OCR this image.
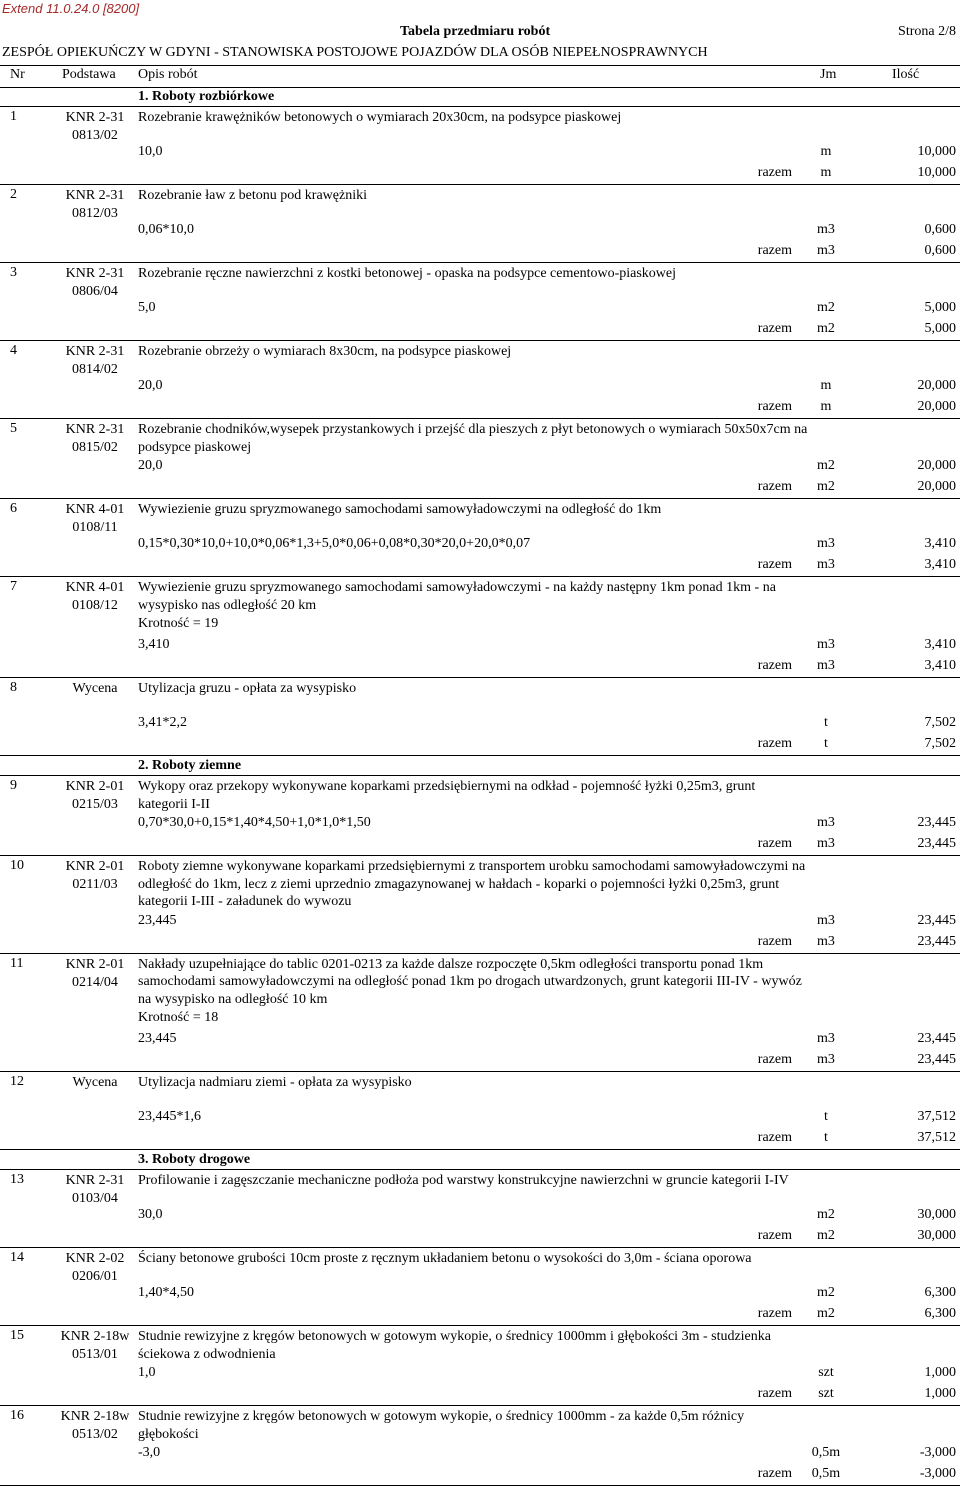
Extend 11.0.24.0 [8200]
Tabela przedmiaru robót	Strona 2/8
ZESPÓŁ OPIEKUŃCZY W GDYNI - STANOWISKA POSTOJOWE POJAZDÓW DLA OSÓB NIEPEŁNOSPRAWNYCH
Nr	Podstawa Opis robót	Jm	Ilość
1. Roboty rozbiórkowe
1	KNR 2-31 0813/02
Rozebranie krawężników betonowych o wymiarach 20x30cm, na podsypce piaskowej
10,0	m	10,000
razem	m	10,000
2	KNR 2-31 0812/03
Rozebranie ław z betonu pod krawężniki
0,06*10,0	m3	0,600
razem	m3	0,600
3	KNR 2-31 0806/04
Rozebranie ręczne nawierzchni z kostki betonowej - opaska na podsypce cementowo-piaskowej
5,0	m2	5,000
razem	m2	5,000
4	KNR 2-31 0814/02
Rozebranie obrzeży o wymiarach 8x30cm, na podsypce piaskowej
20,0	m	20,000
razem	m	20,000
5	KNR 2-31 0815/02
Rozebranie chodników,wysepek przystankowych i przejść dla pieszych z płyt betonowych o wymiarach 50x50x7cm na podsypce piaskowej
20,0	m2	20,000
razem	m2	20,000
6	KNR 4-01 0108/11
Wywiezienie gruzu spryzmowanego samochodami samowyładowczymi na odległość do 1km
0,15*0,30*10,0+10,0*0,06*1,3+5,0*0,06+0,08*0,30*20,0+20,0*0,07	m3	3,410
razem	m3	3,410
7	KNR 4-01 0108/12
Wywiezienie gruzu spryzmowanego samochodami samowyładowczymi - na każdy następny 1km ponad 1km - na wysypisko nas odległość 20 km
Krotność = 19
3,410	m3	3,410
razem	m3	3,410
8	Wycena	Utylizacja gruzu - opłata za wysypisko
3,41*2,2	t	7,502
razem	t	7,502
2. Roboty ziemne
9	KNR 2-01 0215/03
Wykopy oraz przekopy wykonywane koparkami przedsiębiernymi na odkład - pojemność łyżki 0,25m3, grunt kategorii I-II
0,70*30,0+0,15*1,40*4,50+1,0*1,0*1,50	m3	23,445
razem	m3	23,445
10	KNR 2-01 0211/03
Roboty ziemne wykonywane koparkami przedsiębiernymi z transportem urobku samochodami samowyładowczymi na odległość do 1km, lecz z ziemi uprzednio zmagazynowanej w hałdach - koparki o pojemności łyżki 0,25m3, grunt kategorii I-III - załadunek do wywozu
23,445	m3	23,445
razem	m3	23,445
11	KNR 2-01 0214/04
Nakłady uzupełniające do tablic 0201-0213 za każde dalsze rozpoczęte 0,5km odległości transportu ponad 1km samochodami samowyładowczymi na odległość ponad 1km po drogach utwardzonych, grunt kategorii III-IV - wywóz na wysypisko na odległość 10 km
Krotność = 18
23,445	m3	23,445
razem	m3	23,445
12	Wycena	Utylizacja nadmiaru ziemi - opłata za wysypisko
23,445*1,6	t	37,512
razem	t	37,512
3. Roboty drogowe
13	KNR 2-31 0103/04
Profilowanie i zagęszczanie mechaniczne podłoża pod warstwy konstrukcyjne nawierzchni w gruncie kategorii I-IV
30,0	m2	30,000
razem	m2	30,000
14	KNR 2-02 0206/01
Ściany betonowe grubości 10cm proste z ręcznym układaniem betonu o wysokości do 3,0m - ściana oporowa
1,40*4,50	m2	6,300
razem	m2	6,300
15	KNR 2-18w 0513/01
Studnie rewizyjne z kręgów betonowych w gotowym wykopie, o średnicy 1000mm i głębokości 3m - studzienka ściekowa z odwodnienia
1,0	szt	1,000
razem	szt	1,000
16	KNR 2-18w 0513/02
Studnie rewizyjne z kręgów betonowych w gotowym wykopie, o średnicy 1000mm - za każde 0,5m różnicy głębokości
-3,0	0,5m	-3,000
razem	0,5m	-3,000
